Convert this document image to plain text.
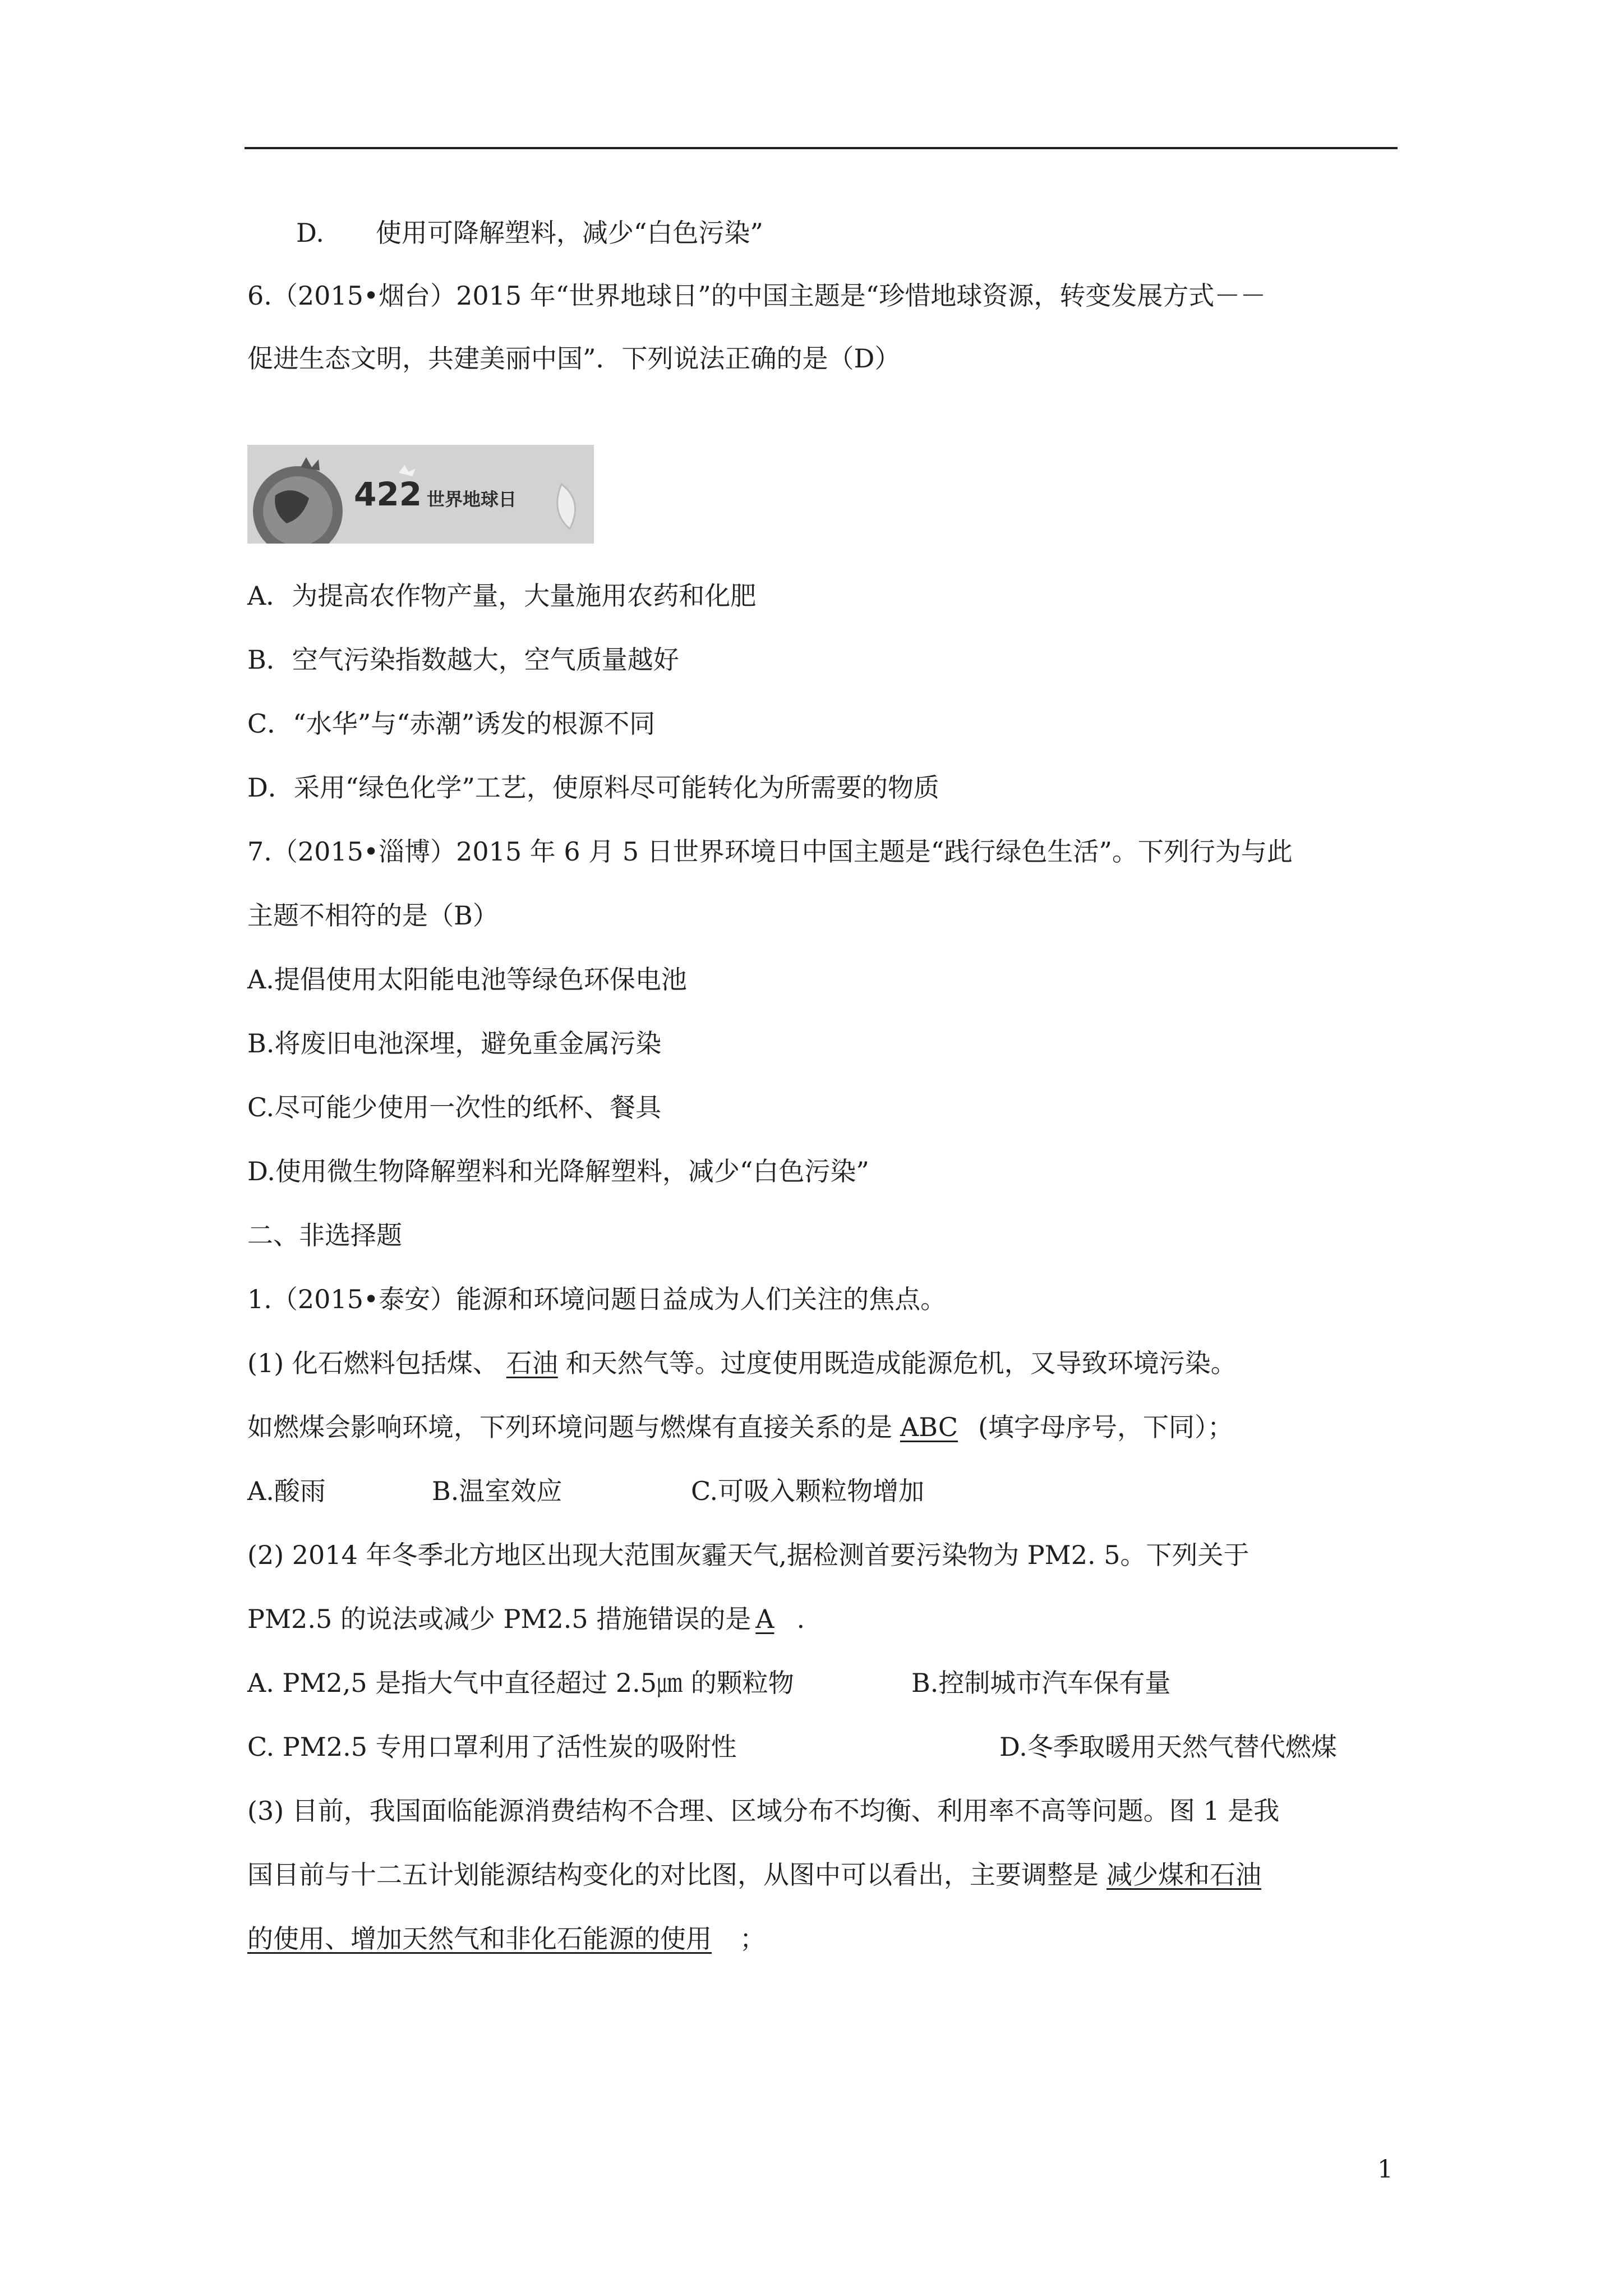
D.　　使用可降解塑料，减少“白色污染”
6.（2015•烟台）2015 年“世界地球日”的中国主题是“珍惜地球资源，转变发展方式－－
促进生态文明，共建美丽中国”．下列说法正确的是（D）
422 世界地球日
A．为提高农作物产量，大量施用农药和化肥
B．空气污染指数越大，空气质量越好
C．“水华”与“赤潮”诱发的根源不同
D．采用“绿色化学”工艺，使原料尽可能转化为所需要的物质
7.（2015•淄博）2015 年 6 月 5 日世界环境日中国主题是“践行绿色生活”。下列行为与此
主题不相符的是（B）
A.提倡使用太阳能电池等绿色环保电池
B.将废旧电池深埋，避免重金属污染
C.尽可能少使用一次性的纸杯、餐具
D.使用微生物降解塑料和光降解塑料，减少“白色污染”
二、非选择题
1.（2015•泰安）能源和环境问题日益成为人们关注的焦点。
(1) 化石燃料包括煤、 石油 和天然气等。过度使用既造成能源危机，又导致环境污染。
如燃煤会影响环境，下列环境问题与燃煤有直接关系的是 ABC (填字母序号，下同）；
A.酸雨	B.温室效应	C.可吸入颗粒物增加
(2) 2014 年冬季北方地区出现大范围灰霾天气,据检测首要污染物为 PM2. 5。下列关于
PM2.5 的说法或减少 PM2.5 措施错误的是 A .
A. PM2,5 是指大气中直径超过 2.5㎛ 的颗粒物	B.控制城市汽车保有量
C. PM2.5 专用口罩利用了活性炭的吸附性	D.冬季取暖用天然气替代燃煤
(3) 目前，我国面临能源消费结构不合理、区域分布不均衡、利用率不高等问题。图 1 是我
国目前与十二五计划能源结构变化的对比图，从图中可以看出，主要调整是 减少煤和石油
的使用、增加天然气和非化石能源的使用 ；
1
